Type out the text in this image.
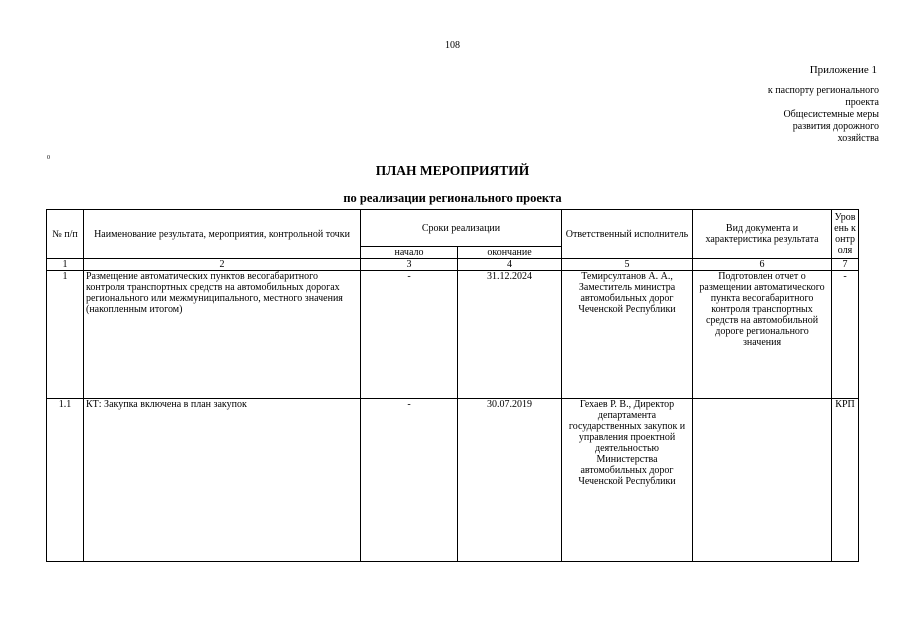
108
Приложение 1
к паспорту регионального
проекта
Общесистемные меры
развития дорожного
хозяйства
0
ПЛАН МЕРОПРИЯТИЙ
по реализации регионального проекта
№ п/п	Наименование результата, мероприятия, контрольной точки	Сроки реализации		Ответственный исполнитель	Вид документа и характеристика результата	Уровень контроля
		начало	окончание			
1	2	3	4	5	6	7
1	Размещение автоматических пунктов весогабаритного контроля транспортных средств на автомобильных дорогах регионального или межмуниципального, местного значения (накопленным итогом)	-	31.12.2024	Темирсултанов А. А., Заместитель министра автомобильных дорог Чеченской Республики	Подготовлен отчет о размещении автоматического пункта весогабаритного контроля транспортных средств на автомобильной дороге регионального значения	-
1.1	КТ: Закупка включена в план закупок	-	30.07.2019	Гехаев Р. В., Директор департамента государственных закупок и управления проектной деятельностью Министерства автомобильных дорог Чеченской Республики		КРП
